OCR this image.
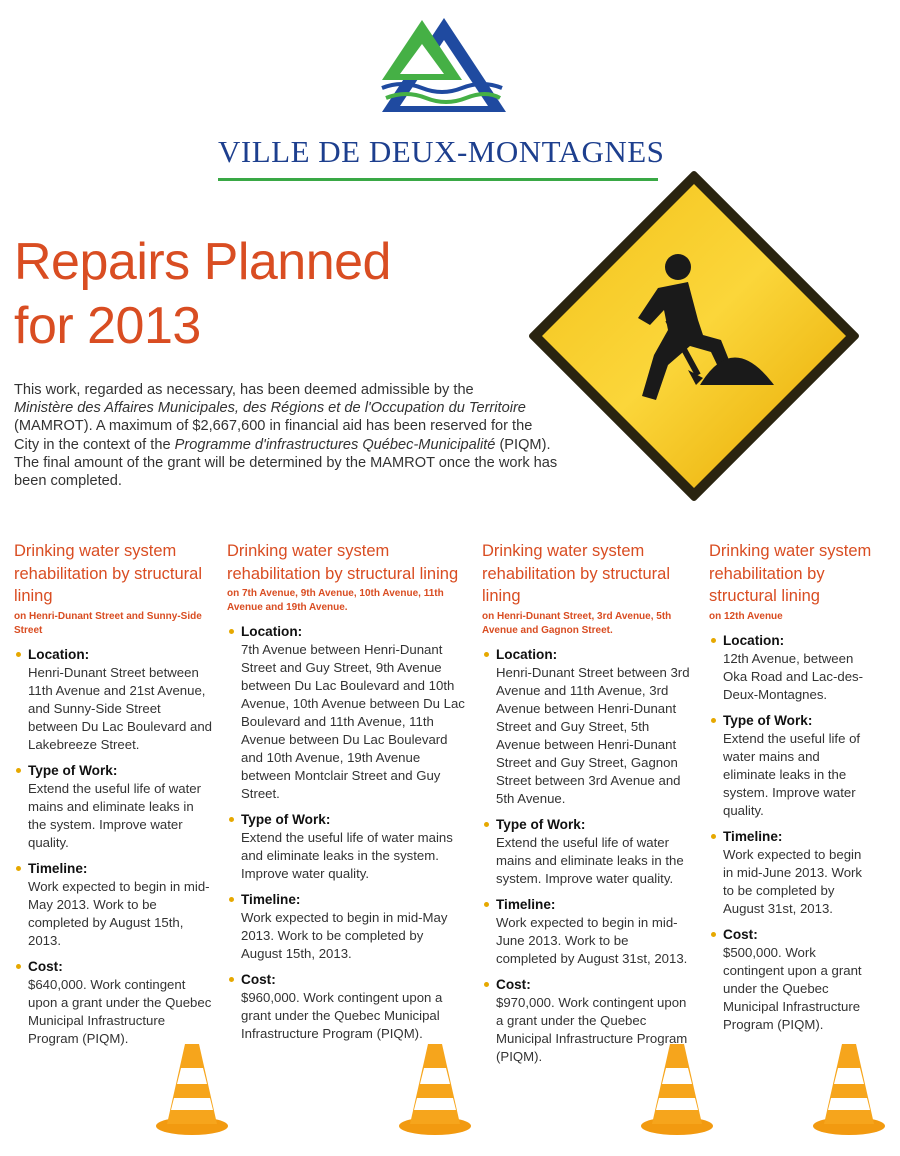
VILLE DE DEUX-MONTAGNES
Repairs Planned
for 2013

This work, regarded as necessary, has been deemed admissible by the

Ministère des Affaires Municipales, des Régions et de l'Occupation du Territoire

(MAMROT). A maximum of $2,667,600 in financial aid has been reserved for the

City in the context of the Programme d'infrastructures Québec-Municipalité (PIQM).

The final amount of the grant will be determined by the MAMROT once the work has

been completed.

Drinking water system rehabilitation by structural lining
on Henri-Dunant Street and Sunny-Side Street
Location:
Henri-Dunant Street between 11th Avenue and 21st Avenue, and Sunny-Side Street between Du Lac Boulevard and Lakebreeze Street.
Type of Work:
Extend the useful life of water mains and eliminate leaks in the system. Improve water quality.
Timeline:
Work expected to begin in mid-May 2013. Work to be completed by August 15th, 2013.
Cost:
$640,000. Work contingent upon a grant under the Quebec Municipal Infrastructure Program (PIQM).
Drinking water system rehabilitation by structural lining
on 7th Avenue, 9th Avenue, 10th Avenue, 11th Avenue and 19th Avenue.
Location:
7th Avenue between Henri-Dunant Street and Guy Street, 9th Avenue between Du Lac Boulevard and 10th Avenue, 10th Avenue between Du Lac Boulevard and 11th Avenue, 11th Avenue between Du Lac Boulevard and 10th Avenue, 19th Avenue between Montclair Street and Guy Street.
Type of Work:
Extend the useful life of water mains and eliminate leaks in the system. Improve water quality.
Timeline:
Work expected to begin in mid-May 2013. Work to be completed by August 15th, 2013.
Cost:
$960,000. Work contingent upon a grant under the Quebec Municipal Infrastructure Program (PIQM).
Drinking water system rehabilitation by structural lining
on Henri-Dunant Street, 3rd Avenue, 5th Avenue and Gagnon Street.
Location:
Henri-Dunant Street between 3rd Avenue and 11th Avenue, 3rd Avenue between Henri-Dunant Street and Guy Street, 5th Avenue between Henri-Dunant Street and Guy Street, Gagnon Street between 3rd Avenue and 5th Avenue.
Type of Work:
Extend the useful life of water mains and eliminate leaks in the system. Improve water quality.
Timeline:
Work expected to begin in mid-June 2013. Work to be completed by August 31st, 2013.
Cost:
$970,000. Work contingent upon a grant under the Quebec Municipal Infrastructure Program (PIQM).
Drinking water system rehabilitation by structural lining
on 12th Avenue
Location:
12th Avenue, between Oka Road and Lac-des-Deux-Montagnes.
Type of Work:
Extend the useful life of water mains and eliminate leaks in the system. Improve water quality.
Timeline:
Work expected to begin in mid-June 2013. Work to be completed by August 31st, 2013.
Cost:
$500,000. Work contingent upon a grant under the Quebec Municipal Infrastructure Program (PIQM).
